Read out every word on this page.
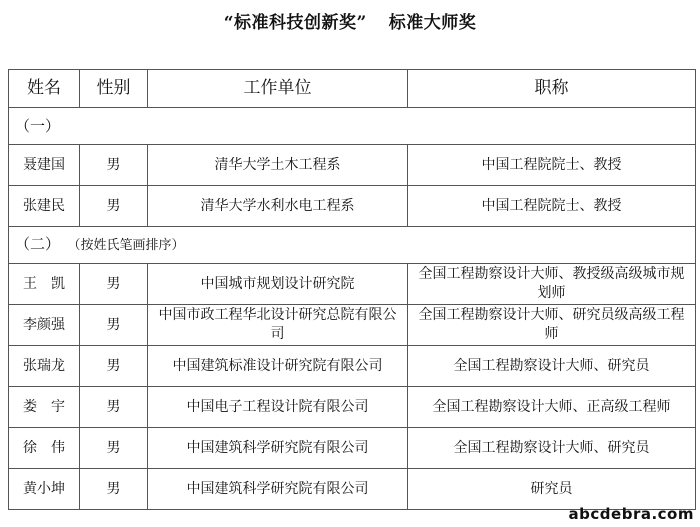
“标准科技创新奖” 标准大师奖
姓名	性别	工作单位	职称
（一）			
聂建国	男	清华大学土木工程系	中国工程院院士、教授
张建民	男	清华大学水利水电工程系	中国工程院院士、教授
（二） （按姓氏笔画排序）			
王　凯	男	中国城市规划设计研究院	全国工程勘察设计大师、教授级高级城市规划师
李颜强	男	中国市政工程华北设计研究总院有限公司	全国工程勘察设计大师、研究员级高级工程师
张瑞龙	男	中国建筑标准设计研究院有限公司	全国工程勘察设计大师、研究员
娄　宇	男	中国电子工程设计院有限公司	全国工程勘察设计大师、正高级工程师
徐　伟	男	中国建筑科学研究院有限公司	全国工程勘察设计大师、研究员
黄小坤	男	中国建筑科学研究院有限公司	研究员
abcdebra.com
